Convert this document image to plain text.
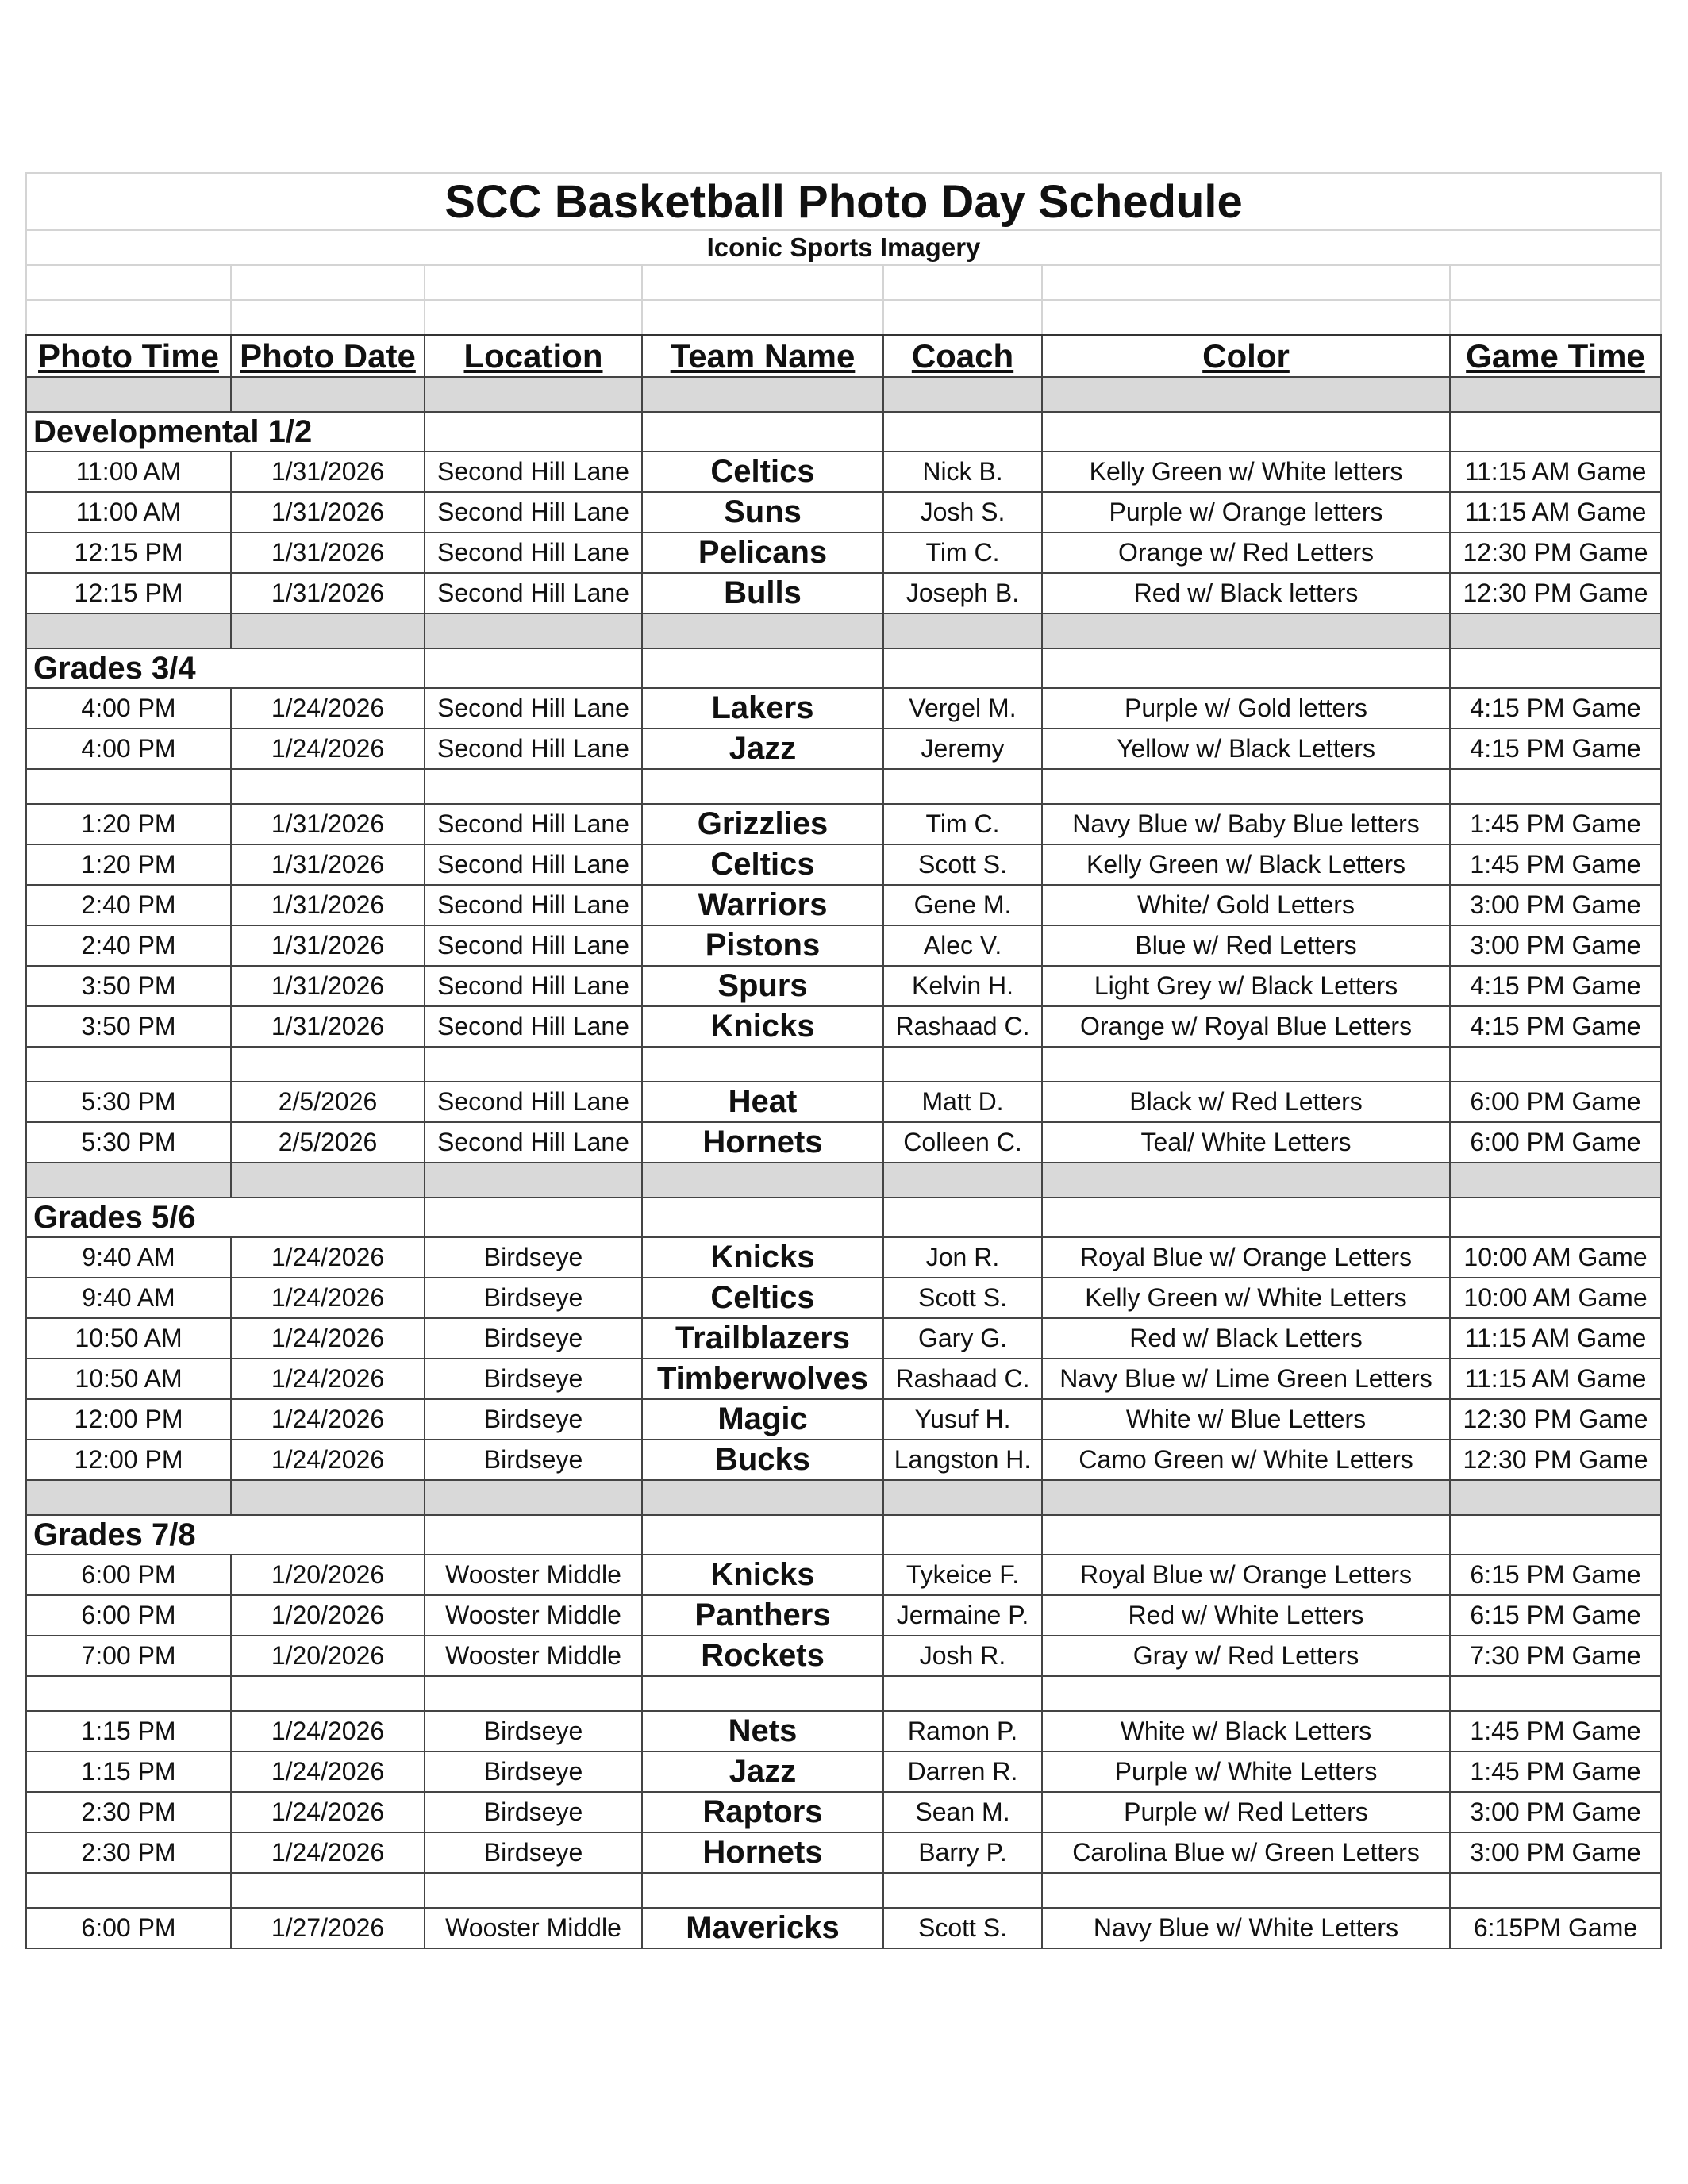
SCC Basketball Photo Day Schedule						
Iconic Sports Imagery						

Photo Time	Photo Date	Location	Team Name	Coach	Color	Game Time

Developmental 1/2						
11:00 AM	1/31/2026	Second Hill Lane	Celtics	Nick B.	Kelly Green w/ White letters	11:15 AM Game
11:00 AM	1/31/2026	Second Hill Lane	Suns	Josh S.	Purple w/ Orange letters	11:15 AM Game
12:15 PM	1/31/2026	Second Hill Lane	Pelicans	Tim C.	Orange w/ Red Letters	12:30 PM Game
12:15 PM	1/31/2026	Second Hill Lane	Bulls	Joseph B.	Red w/ Black letters	12:30 PM Game

Grades 3/4						
4:00 PM	1/24/2026	Second Hill Lane	Lakers	Vergel M.	Purple w/ Gold letters	4:15 PM Game
4:00 PM	1/24/2026	Second Hill Lane	Jazz	Jeremy	Yellow w/ Black Letters	4:15 PM Game

1:20 PM	1/31/2026	Second Hill Lane	Grizzlies	Tim C.	Navy Blue w/ Baby Blue letters	1:45 PM Game
1:20 PM	1/31/2026	Second Hill Lane	Celtics	Scott S.	Kelly Green w/ Black Letters	1:45 PM Game
2:40 PM	1/31/2026	Second Hill Lane	Warriors	Gene M.	White/ Gold Letters	3:00 PM Game
2:40 PM	1/31/2026	Second Hill Lane	Pistons	Alec V.	Blue w/ Red Letters	3:00 PM Game
3:50 PM	1/31/2026	Second Hill Lane	Spurs	Kelvin H.	Light Grey w/ Black Letters	4:15 PM Game
3:50 PM	1/31/2026	Second Hill Lane	Knicks	Rashaad C.	Orange w/ Royal Blue Letters	4:15 PM Game

5:30 PM	2/5/2026	Second Hill Lane	Heat	Matt D.	Black w/ Red Letters	6:00 PM Game
5:30 PM	2/5/2026	Second Hill Lane	Hornets	Colleen C.	Teal/ White Letters	6:00 PM Game

Grades 5/6						
9:40 AM	1/24/2026	Birdseye	Knicks	Jon R.	Royal Blue w/ Orange Letters	10:00 AM Game
9:40 AM	1/24/2026	Birdseye	Celtics	Scott S.	Kelly Green w/ White Letters	10:00 AM Game
10:50 AM	1/24/2026	Birdseye	Trailblazers	Gary G.	Red w/ Black Letters	11:15 AM Game
10:50 AM	1/24/2026	Birdseye	Timberwolves	Rashaad C.	Navy Blue w/ Lime Green Letters	11:15 AM Game
12:00 PM	1/24/2026	Birdseye	Magic	Yusuf H.	White w/ Blue Letters	12:30 PM Game
12:00 PM	1/24/2026	Birdseye	Bucks	Langston H.	Camo Green w/ White Letters	12:30 PM Game

Grades 7/8						
6:00 PM	1/20/2026	Wooster Middle	Knicks	Tykeice F.	Royal Blue w/ Orange Letters	6:15 PM Game
6:00 PM	1/20/2026	Wooster Middle	Panthers	Jermaine P.	Red w/ White Letters	6:15 PM Game
7:00 PM	1/20/2026	Wooster Middle	Rockets	Josh R.	Gray w/ Red Letters	7:30 PM Game

1:15 PM	1/24/2026	Birdseye	Nets	Ramon P.	White w/ Black Letters	1:45 PM Game
1:15 PM	1/24/2026	Birdseye	Jazz	Darren R.	Purple w/ White Letters	1:45 PM Game
2:30 PM	1/24/2026	Birdseye	Raptors	Sean M.	Purple w/ Red Letters	3:00 PM Game
2:30 PM	1/24/2026	Birdseye	Hornets	Barry P.	Carolina Blue w/ Green Letters	3:00 PM Game

6:00 PM	1/27/2026	Wooster Middle	Mavericks	Scott S.	Navy Blue w/ White Letters	6:15PM Game
